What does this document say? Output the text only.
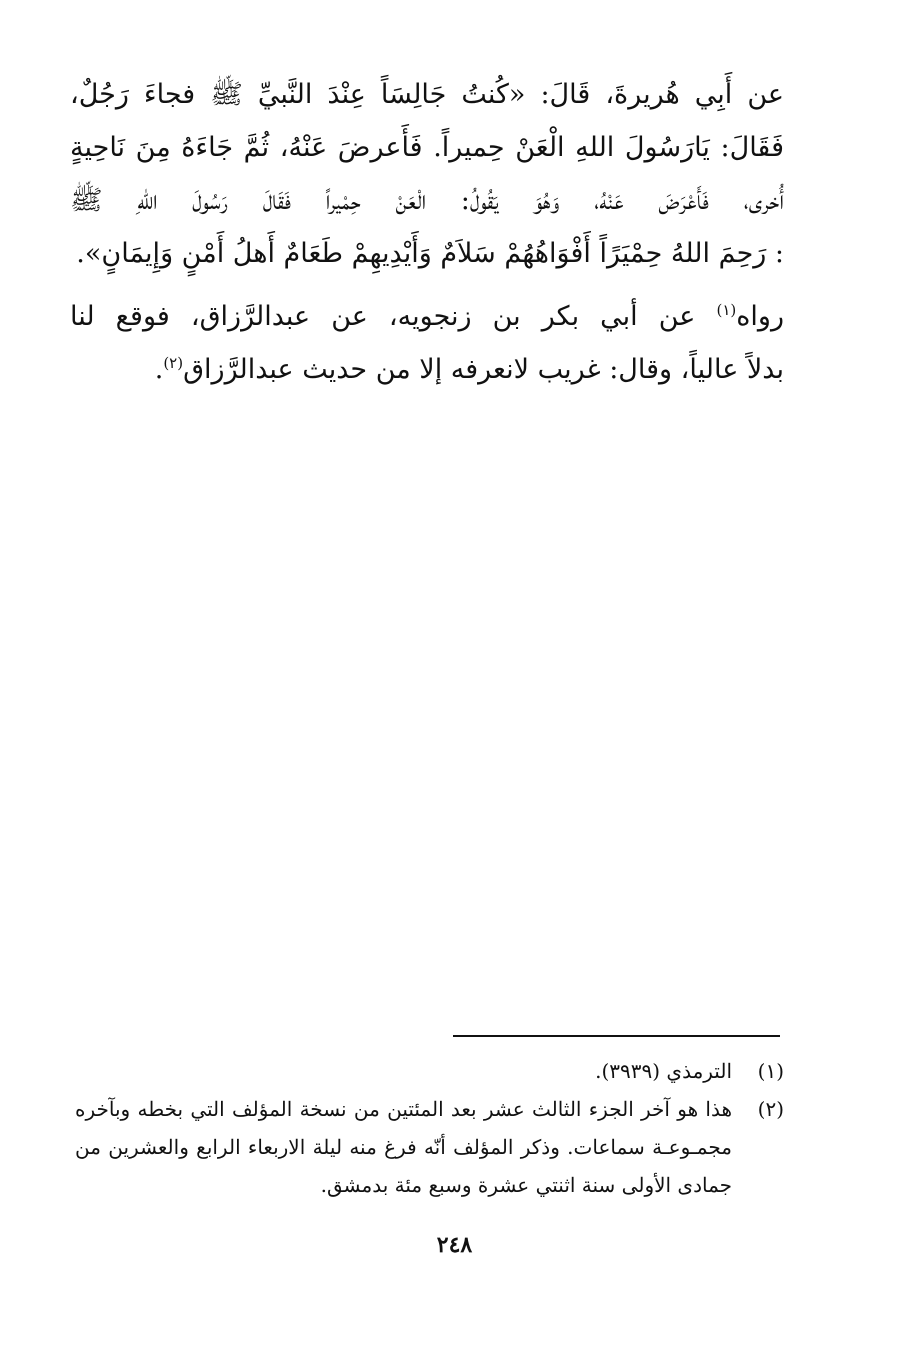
عن أَبِي هُريرةَ، قَالَ: «كُنتُ جَالِسَاً عِنْدَ النَّبيِّ ﷺ فجاءَ رَجُلٌ،
فَقَالَ: يَارَسُولَ اللهِ الْعَنْ حِميراً. فَأَعرضَ عَنْهُ، ثُمَّ جَاءَهُ مِنَ نَاحِيةٍ
أُخرى، فَأَعْرَضَ عَنْهُ، وَهُوَ يَقُولُ: الْعَنْ حِمْيراً فَقَالَ رَسُولَ اللهِ ﷺ
: رَحِمَ اللهُ حِمْيَرًاً أَفْوَاهُهُمْ سَلاَمٌ وَأَيْدِيهِمْ طَعَامٌ أَهلُ أَمْنٍ وَإِيمَانٍ».

رواه$^{(١)}$ عن أبي بكر بن زنجويه، عن عبدالرَّزاق، فوقع لنا
بدلاً عالياً، وقال: غريب لانعرفه إلا من حديث عبدالرَّزاق$^{(٢)}$.

(١)
الترمذي (٣٩٣٩).
(٢)
هذا هو آخر الجزء الثالث عشر بعد المئتين من نسخة المؤلف التي بخطه وبآخره
مجمـوعـة سماعات. وذكر المؤلف أنّه فرغ منه ليلة الاربعاء الرابع والعشرين من
جمادى الأولى سنة اثنتي عشرة وسبع مئة بدمشق.
٢٤٨
